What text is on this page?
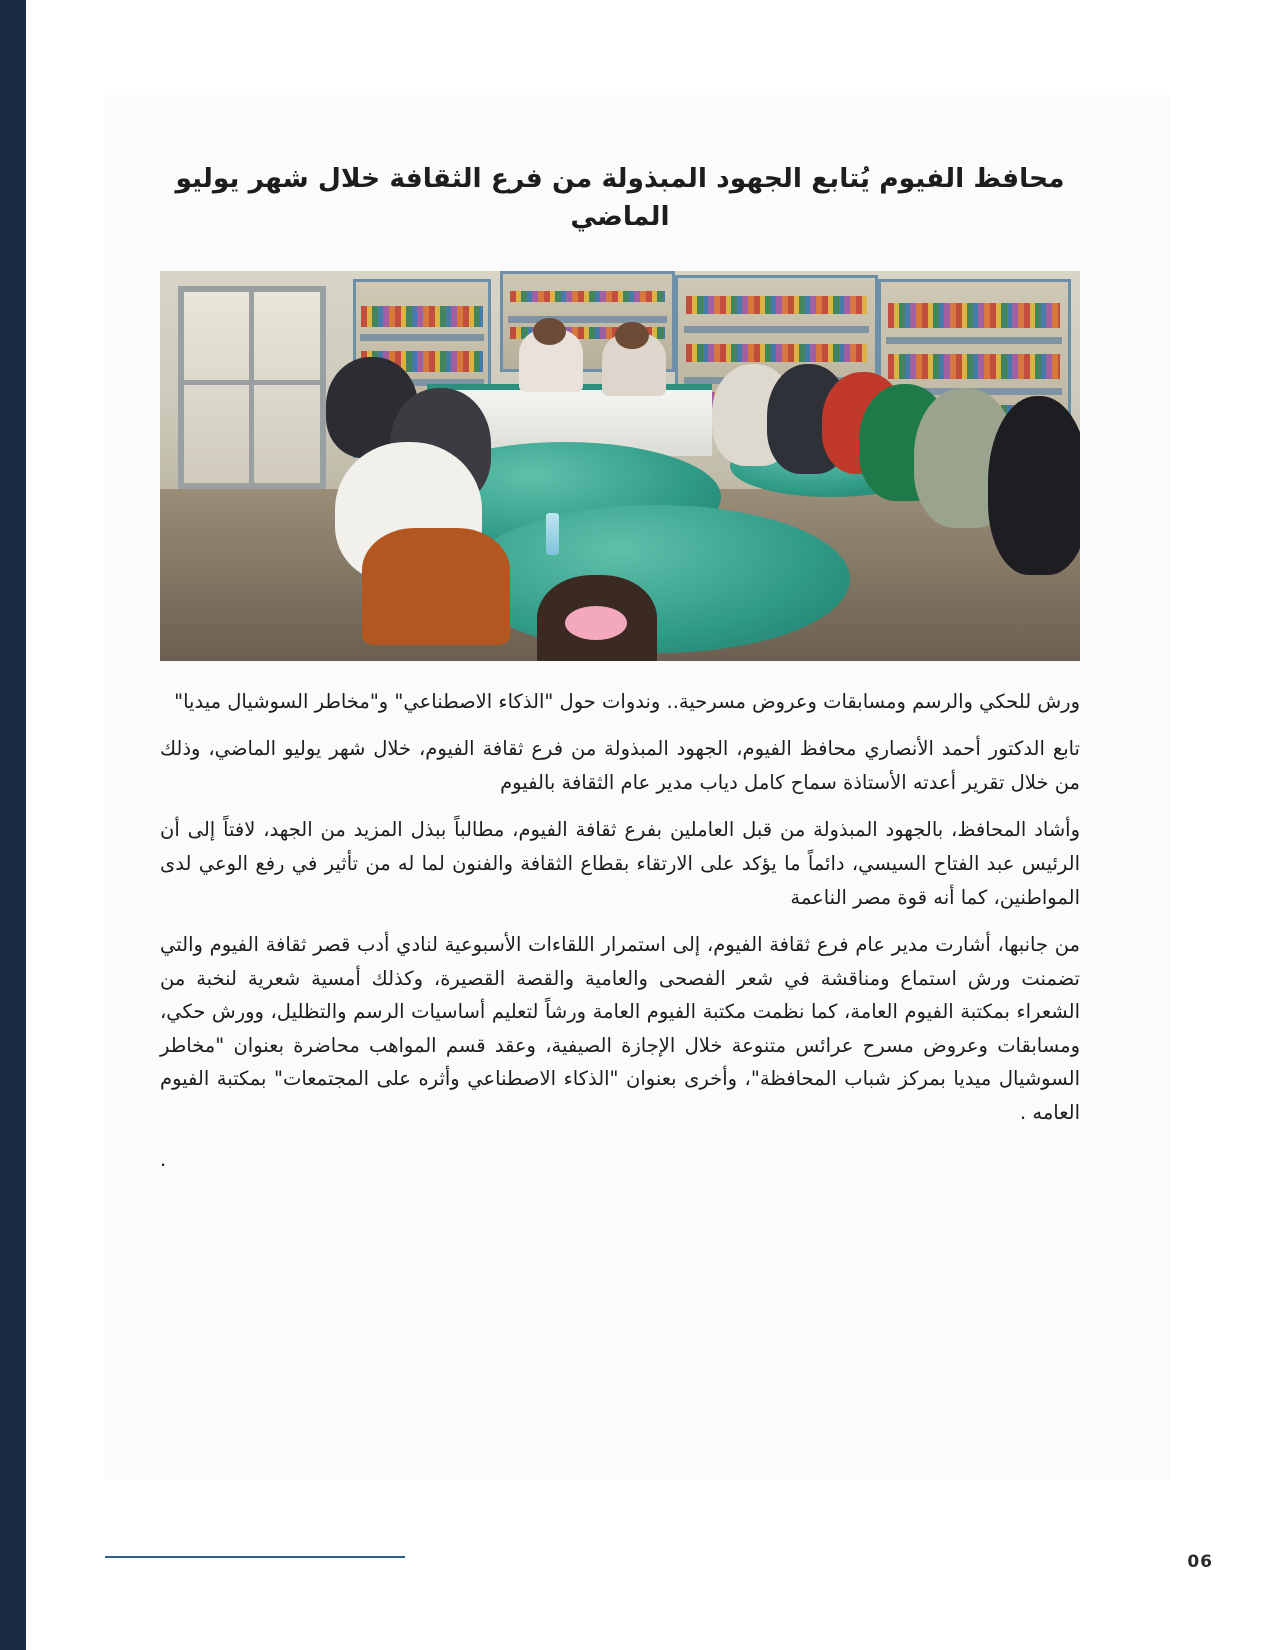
محافظ الفيوم يُتابع الجهود المبذولة من فرع الثقافة خلال شهر يوليو الماضي

ورش للحكي والرسم ومسابقات وعروض مسرحية.. وندوات حول "الذكاء الاصطناعي" و"مخاطر السوشيال ميديا"

تابع الدكتور أحمد الأنصاري محافظ الفيوم، الجهود المبذولة من فرع ثقافة الفيوم، خلال شهر يوليو الماضي، وذلك من خلال تقرير أعدته الأستاذة سماح كامل دياب مدير عام الثقافة بالفيوم

وأشاد المحافظ، بالجهود المبذولة من قبل العاملين بفرع ثقافة الفيوم، مطالباً ببذل المزيد من الجهد، لافتاً إلى أن الرئيس عبد الفتاح السيسي، دائماً ما يؤكد على الارتقاء بقطاع الثقافة والفنون لما له من تأثير في رفع الوعي لدى المواطنين، كما أنه قوة مصر الناعمة

من جانبها، أشارت مدير عام فرع ثقافة الفيوم، إلى استمرار اللقاءات الأسبوعية لنادي أدب قصر ثقافة الفيوم والتي تضمنت ورش استماع ومناقشة في شعر الفصحى والعامية والقصة القصيرة، وكذلك أمسية شعرية لنخبة من الشعراء بمكتبة الفيوم العامة، كما نظمت مكتبة الفيوم العامة ورشاً لتعليم أساسيات الرسم والتظليل، وورش حكي، ومسابقات وعروض مسرح عرائس متنوعة خلال الإجازة الصيفية، وعقد قسم المواهب محاضرة بعنوان "مخاطر السوشيال ميديا بمركز شباب المحافظة"، وأخرى بعنوان "الذكاء الاصطناعي وأثره على المجتمعات" بمكتبة الفيوم العامه .

.

06
